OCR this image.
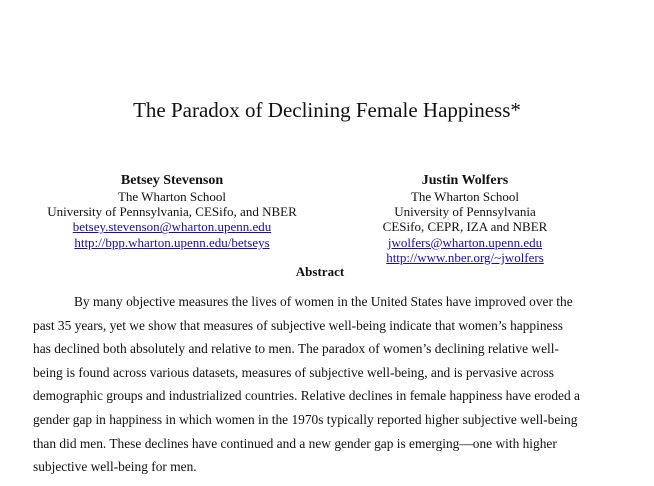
The Paradox of Declining Female Happiness*
Betsey Stevenson
The Wharton School
University of Pennsylvania, CESifo, and NBER
betsey.stevenson@wharton.upenn.edu
http://bpp.wharton.upenn.edu/betseys
Justin Wolfers
The Wharton School
University of Pennsylvania
CESifo, CEPR, IZA and NBER
jwolfers@wharton.upenn.edu
http://www.nber.org/~jwolfers
Abstract
By many objective measures the lives of women in the United States have improved over the
past 35 years, yet we show that measures of subjective well-being indicate that women’s happiness
has declined both absolutely and relative to men. The paradox of women’s declining relative well-
being is found across various datasets, measures of subjective well-being, and is pervasive across
demographic groups and industrialized countries. Relative declines in female happiness have eroded a
gender gap in happiness in which women in the 1970s typically reported higher subjective well-being
than did men. These declines have continued and a new gender gap is emerging—one with higher
subjective well-being for men.
